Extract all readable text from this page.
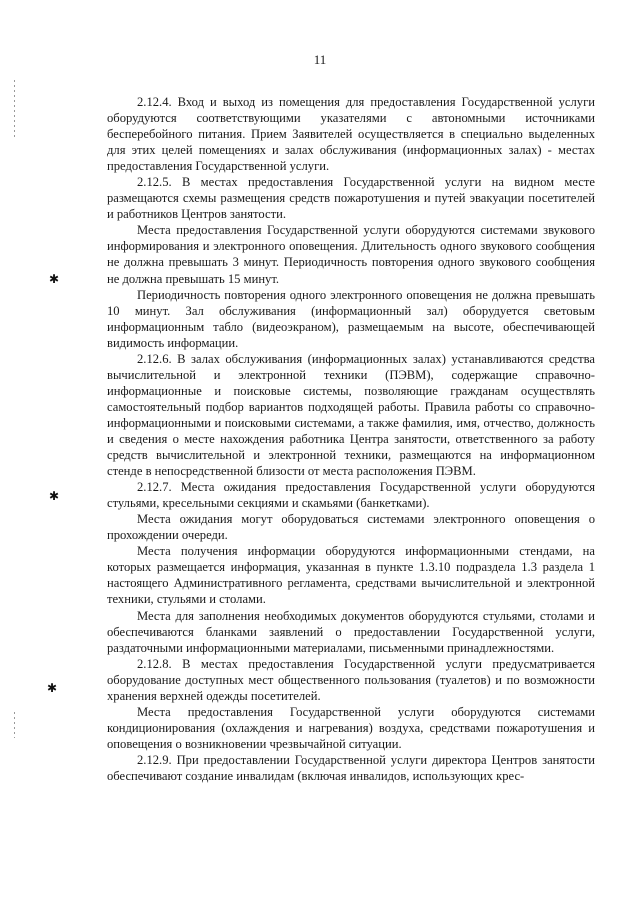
✱
✱
✱
11

2.12.4. Вход и выход из помещения для предоставления Государственной услуги оборудуются соответствующими указателями с автономными источниками бесперебойного питания. Прием Заявителей осуществляется в специально выделенных для этих целей помещениях и залах обслуживания (информационных залах) - местах предоставления Государственной услуги.

2.12.5. В местах предоставления Государственной услуги на видном месте размещаются схемы размещения средств пожаротушения и путей эвакуации посетителей и работников Центров занятости.

Места предоставления Государственной услуги оборудуются системами звукового информирования и электронного оповещения. Длительность одного звукового сообщения не должна превышать 3 минут. Периодичность повторения одного звукового сообщения не должна превышать 15 минут.

Периодичность повторения одного электронного оповещения не должна превышать 10 минут. Зал обслуживания (информационный зал) оборудуется световым информационным табло (видеоэкраном), размещаемым на высоте, обеспечивающей видимость информации.

2.12.6. В залах обслуживания (информационных залах) устанавливаются средства вычислительной и электронной техники (ПЭВМ), содержащие справочно-информационные и поисковые системы, позволяющие гражданам осуществлять самостоятельный подбор вариантов подходящей работы. Правила работы со справочно-информационными и поисковыми системами, а также фамилия, имя, отчество, должность и сведения о месте нахождения работника Центра занятости, ответственного за работу средств вычислительной и электронной техники, размещаются на информационном стенде в непосредственной близости от места расположения ПЭВМ.

2.12.7. Места ожидания предоставления Государственной услуги оборудуются стульями, кресельными секциями и скамьями (банкетками).

Места ожидания могут оборудоваться системами электронного оповещения о прохождении очереди.

Места получения информации оборудуются информационными стендами, на которых размещается информация, указанная в пункте 1.3.10 подраздела 1.3 раздела 1 настоящего Административного регламента, средствами вычислительной и электронной техники, стульями и столами.

Места для заполнения необходимых документов оборудуются стульями, столами и обеспечиваются бланками заявлений о предоставлении Государственной услуги, раздаточными информационными материалами, письменными принадлежностями.

2.12.8. В местах предоставления Государственной услуги предусматривается оборудование доступных мест общественного пользования (туалетов) и по возможности хранения верхней одежды посетителей.

Места предоставления Государственной услуги оборудуются системами кондиционирования (охлаждения и нагревания) воздуха, средствами пожаротушения и оповещения о возникновении чрезвычайной ситуации.

2.12.9. При предоставлении Государственной услуги директора Центров занятости обеспечивают создание инвалидам (включая инвалидов, использующих крес-
